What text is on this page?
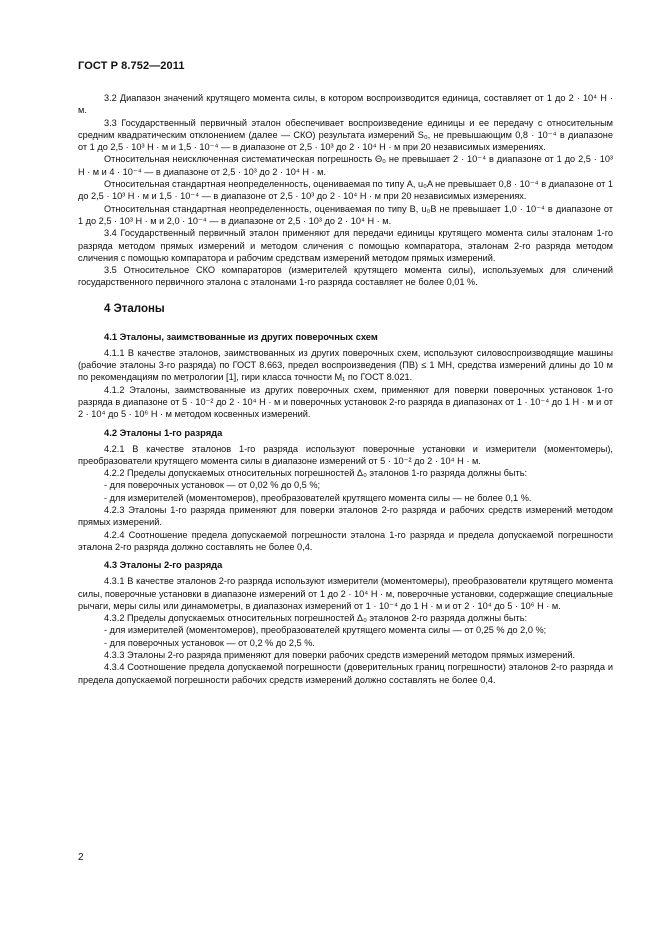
ГОСТ Р 8.752—2011

3.2 Диапазон значений крутящего момента силы, в котором воспроизводится единица, составляет от 1 до 2 · 10⁴ Н · м.

3.3 Государственный первичный эталон обеспечивает воспроизведение единицы и ее передачу с относительным средним квадратическим отклонением (далее — СКО) результата измерений S₀, не превышающим 0,8 · 10⁻⁴ в диапазоне от 1 до 2,5 · 10³ Н · м и 1,5 · 10⁻⁴ — в диапазоне от 2,5 · 10³ до 2 · 10⁴ Н · м при 20 независимых измерениях.

Относительная неисключенная систематическая погрешность Θ₀ не превышает 2 · 10⁻⁴ в диапазоне от 1 до 2,5 · 10³ Н · м и 4 · 10⁻⁴ — в диапазоне от 2,5 · 10³ до 2 · 10⁴ Н · м.

Относительная стандартная неопределенность, оцениваемая по типу А, u₀A не превышает 0,8 · 10⁻⁴ в диапазоне от 1 до 2,5 · 10³ Н · м и 1,5 · 10⁻⁴ — в диапазоне от 2,5 · 10³ до 2 · 10⁴ Н · м при 20 независимых измерениях.

Относительная стандартная неопределенность, оцениваемая по типу В, u₀B не превышает 1,0 · 10⁻⁴ в диапазоне от 1 до 2,5 · 10³ Н · м и 2,0 · 10⁻⁴ — в диапазоне от 2,5 · 10³ до 2 · 10⁴ Н · м.

3.4 Государственный первичный эталон применяют для передачи единицы крутящего момента силы эталонам 1-го разряда методом прямых измерений и методом сличения с помощью компаратора, эталонам 2-го разряда методом сличения с помощью компаратора и рабочим средствам измерений методом прямых измерений.

3.5 Относительное СКО компараторов (измерителей крутящего момента силы), используемых для сличений государственного первичного эталона с эталонами 1-го разряда составляет не более 0,01 %.

4 Эталоны
4.1 Эталоны, заимствованные из других поверочных схем

4.1.1 В качестве эталонов, заимствованных из других поверочных схем, используют силовоспроизводящие машины (рабочие эталоны 3-го разряда) по ГОСТ 8.663, предел воспроизведения (ПВ) ≤ 1 МН, средства измерений длины до 10 м по рекомендациям по метрологии [1], гири класса точности M₁ по ГОСТ 8.021.

4.1.2 Эталоны, заимствованные из других поверочных схем, применяют для поверки поверочных установок 1-го разряда в диапазоне от 5 · 10⁻² до 2 · 10⁴ Н · м и поверочных установок 2-го разряда в диапазонах от 1 · 10⁻⁴ до 1 Н · м и от 2 · 10⁴ до 5 · 10⁶ Н · м методом косвенных измерений.

4.2 Эталоны 1-го разряда

4.2.1 В качестве эталонов 1-го разряда используют поверочные установки и измерители (моментомеры), преобразователи крутящего момента силы в диапазоне измерений от 5 · 10⁻² до 2 · 10⁴ Н · м.

4.2.2 Пределы допускаемых относительных погрешностей Δ₀ эталонов 1-го разряда должны быть:

- для поверочных установок — от 0,02 % до 0,5 %;

- для измерителей (моментомеров), преобразователей крутящего момента силы — не более 0,1 %.

4.2.3 Эталоны 1-го разряда применяют для поверки эталонов 2-го разряда и рабочих средств измерений методом прямых измерений.

4.2.4 Соотношение предела допускаемой погрешности эталона 1-го разряда и предела допускаемой погрешности эталона 2-го разряда должно составлять не более 0,4.

4.3 Эталоны 2-го разряда

4.3.1 В качестве эталонов 2-го разряда используют измерители (моментомеры), преобразователи крутящего момента силы, поверочные установки в диапазоне измерений от 1 до 2 · 10⁴ Н · м, поверочные установки, содержащие специальные рычаги, меры силы или динамометры, в диапазонах измерений от 1 · 10⁻⁴ до 1 Н · м и от 2 · 10⁴ до 5 · 10⁶ Н · м.

4.3.2 Пределы допускаемых относительных погрешностей Δ₀ эталонов 2-го разряда должны быть:

- для измерителей (моментомеров), преобразователей крутящего момента силы — от 0,25 % до 2,0 %;

- для поверочных установок — от 0,2 % до 2,5 %.

4.3.3 Эталоны 2-го разряда применяют для поверки рабочих средств измерений методом прямых измерений.

4.3.4 Соотношение предела допускаемой погрешности (доверительных границ погрешности) эталонов 2-го разряда и предела допускаемой погрешности рабочих средств измерений должно составлять не более 0,4.

2
